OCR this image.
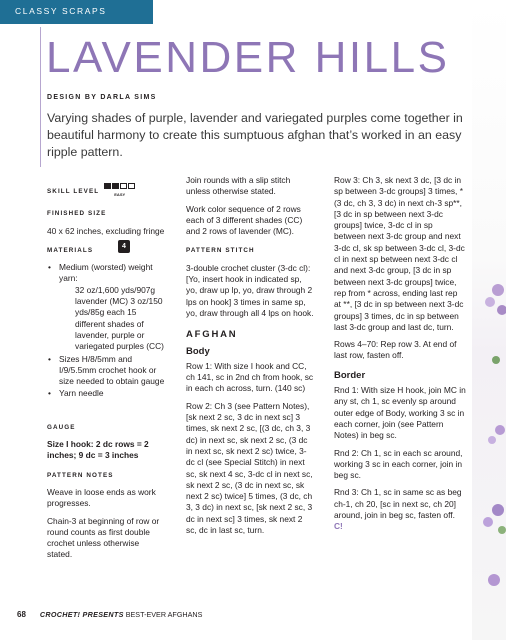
CLASSY SCRAPS
LAVENDER HILLS
DESIGN BY DARLA SIMS
Varying shades of purple, lavender and variegated purples come together in beautiful harmony to create this sumptuous afghan that’s worked in an easy ripple pattern.
SKILL LEVEL	EASY

FINISHED SIZE

40 x 62 inches, excluding fringe

MATERIALS

• Medium (worsted) weight yarn:
32 oz/1,600 yds/907g lavender (MC) 3 oz/150 yds/85g each 15 different shades of lavender, purple or variegated purples (CC)
• Sizes H/8/5mm and I/9/5.5mm crochet hook or size needed to obtain gauge
• Yarn needle

GAUGE

Size I hook: 2 dc rows = 2 inches; 9 dc = 3 inches

PATTERN NOTES

Weave in loose ends as work progresses.

Chain-3 at beginning of row or round counts as first double crochet unless otherwise stated.

4

Join rounds with a slip stitch unless otherwise stated.

Work color sequence of 2 rows each of 3 different shades (CC) and 2 rows of lavender (MC).

PATTERN STITCH

3-double crochet cluster (3-dc cl): [Yo, insert hook in indicated sp, yo, draw up lp, yo, draw through 2 lps on hook] 3 times in same sp, yo, draw through all 4 lps on hook.

AFGHAN
Body

Row 1: With size I hook and CC, ch 141, sc in 2nd ch from hook, sc in each ch across, turn. (140 sc)

Row 2: Ch 3 (see Pattern Notes), [sk next 2 sc, 3 dc in next sc] 3 times, sk next 2 sc, [(3 dc, ch 3, 3 dc) in next sc, sk next 2 sc, (3 dc in next sc, sk next 2 sc) twice, 3-dc cl (see Special Stitch) in next sc, sk next 4 sc, 3-dc cl in next sc, sk next 2 sc, (3 dc in next sc, sk next 2 sc) twice] 5 times, (3 dc, ch 3, 3 dc) in next sc, [sk next 2 sc, 3 dc in next sc] 3 times, sk next 2 sc, dc in last sc, turn.

Row 3: Ch 3, sk next 3 dc, [3 dc in sp between 3-dc groups] 3 times, *(3 dc, ch 3, 3 dc) in next ch-3 sp**, [3 dc in sp between next 3-dc groups] twice, 3-dc cl in sp between next 3-dc group and next 3-dc cl, sk sp between 3-dc cl, 3-dc cl in next sp between next 3-dc cl and next 3-dc group, [3 dc in sp between next 3-dc groups] twice, rep from * across, ending last rep at **, [3 dc in sp between next 3-dc groups] 3 times, dc in sp between last 3-dc group and last dc, turn.

Rows 4–70: Rep row 3. At end of last row, fasten off.

Border

Rnd 1: With size H hook, join MC in any st, ch 1, sc evenly sp around outer edge of Body, working 3 sc in each corner, join (see Pattern Notes) in beg sc.

Rnd 2: Ch 1, sc in each sc around, working 3 sc in each corner, join in beg sc.

Rnd 3: Ch 1, sc in same sc as beg ch-1, ch 20, [sc in next sc, ch 20] around, join in beg sc, fasten off. C!

68 CROCHET! PRESENTS BEST-EVER AFGHANS
